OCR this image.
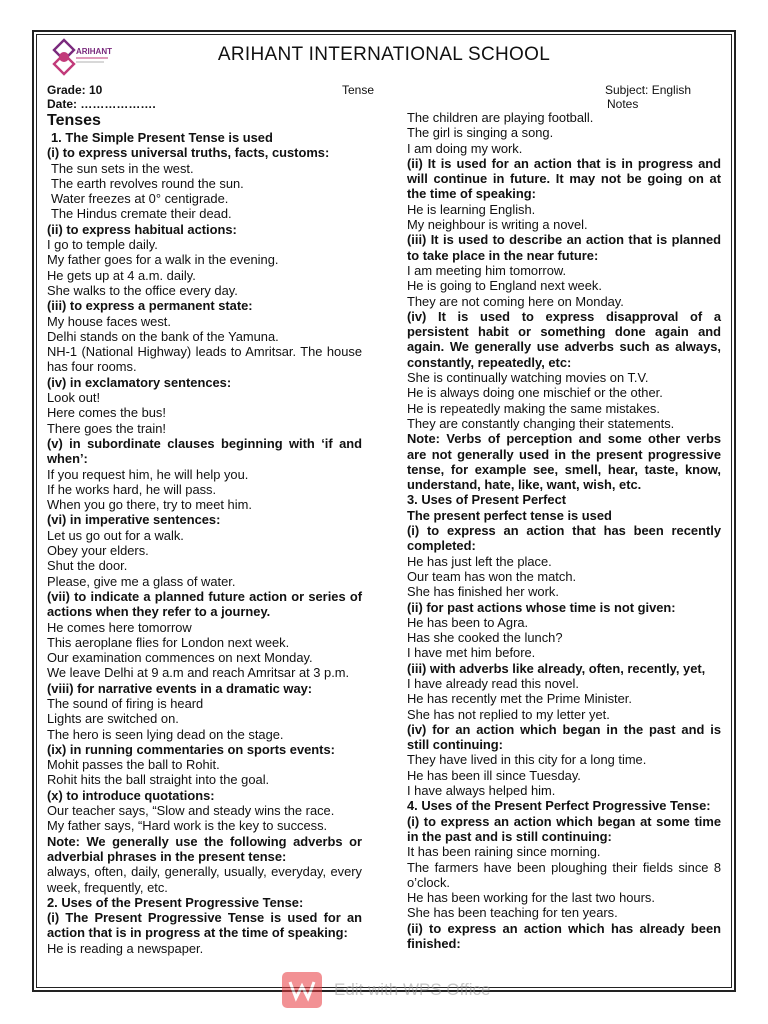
ARIHANT	ARIHANT INTERNATIONAL SCHOOL
Grade: 10	Tense	Subject: English
Date: ……………….	Notes

Tenses

1. The Simple Present Tense is used

(i) to express universal truths, facts, customs:

The sun sets in the west.

The earth revolves round the sun.

Water freezes at 0° centigrade.

The Hindus cremate their dead.

(ii) to express habitual actions:

I go to temple daily.

My father goes for a walk in the evening.

He gets up at 4 a.m. daily.

She walks to the office every day.

(iii) to express a permanent state:

My house faces west.

Delhi stands on the bank of the Yamuna.

NH-1 (National Highway) leads to Amritsar. The house has four rooms.

(iv) in exclamatory sentences:

Look out!

Here comes the bus!

There goes the train!

(v) in subordinate clauses beginning with ‘if and when’:

If you request him, he will help you.

If he works hard, he will pass.

When you go there, try to meet him.

(vi) in imperative sentences:

Let us go out for a walk.

Obey your elders.

Shut the door.

Please, give me a glass of water.

(vii) to indicate a planned future action or series of actions when they refer to a journey.

He comes here tomorrow

This aeroplane flies for London next week.

Our examination commences on next Monday.

We leave Delhi at 9 a.m and reach Amritsar at 3 p.m.

(viii) for narrative events in a dramatic way:

The sound of firing is heard

Lights are switched on.

The hero is seen lying dead on the stage.

(ix) in running commentaries on sports events:

Mohit passes the ball to Rohit.

Rohit hits the ball straight into the goal.

(x) to introduce quotations:

Our teacher says, “Slow and steady wins the race.

My father says, “Hard work is the key to success.

Note: We generally use the following adverbs or adverbial phrases in the present tense:

always, often, daily, generally, usually, everyday, every week, frequently, etc.

2. Uses of the Present Progressive Tense:

(i) The Present Progressive Tense is used for an action that is in progress at the time of speaking:

He is reading a newspaper.

The children are playing football.

The girl is singing a song.

I am doing my work.

(ii) It is used for an action that is in progress and will continue in future. It may not be going on at the time of speaking:

He is learning English.

My neighbour is writing a novel.

(iii) It is used to describe an action that is planned to take place in the near future:

I am meeting him tomorrow.

He is going to England next week.

They are not coming here on Monday.

(iv) It is used to express disapproval of a persistent habit or something done again and again. We generally use adverbs such as always, constantly, repeatedly, etc:

She is continually watching movies on T.V.

He is always doing one mischief or the other.

He is repeatedly making the same mistakes.

They are constantly changing their statements.

Note: Verbs of perception and some other verbs are not generally used in the present progressive tense, for example see, smell, hear, taste, know, understand, hate, like, want, wish, etc.

3. Uses of Present Perfect

The present perfect tense is used

(i) to express an action that has been recently completed:

He has just left the place.

Our team has won the match.

She has finished her work.

(ii) for past actions whose time is not given:

He has been to Agra.

Has she cooked the lunch?

I have met him before.

(iii) with adverbs like already, often, recently, yet,

I have already read this novel.

He has recently met the Prime Minister.

She has not replied to my letter yet.

(iv) for an action which began in the past and is still continuing:

They have lived in this city for a long time.

He has been ill since Tuesday.

I have always helped him.

4. Uses of the Present Perfect Progressive Tense:

(i) to express an action which began at some time in the past and is still continuing:

It has been raining since morning.

The farmers have been ploughing their fields since 8 o’clock.

He has been working for the last two hours.

She has been teaching for ten years.

(ii) to express an action which has already been finished:

Edit with WPS Office
